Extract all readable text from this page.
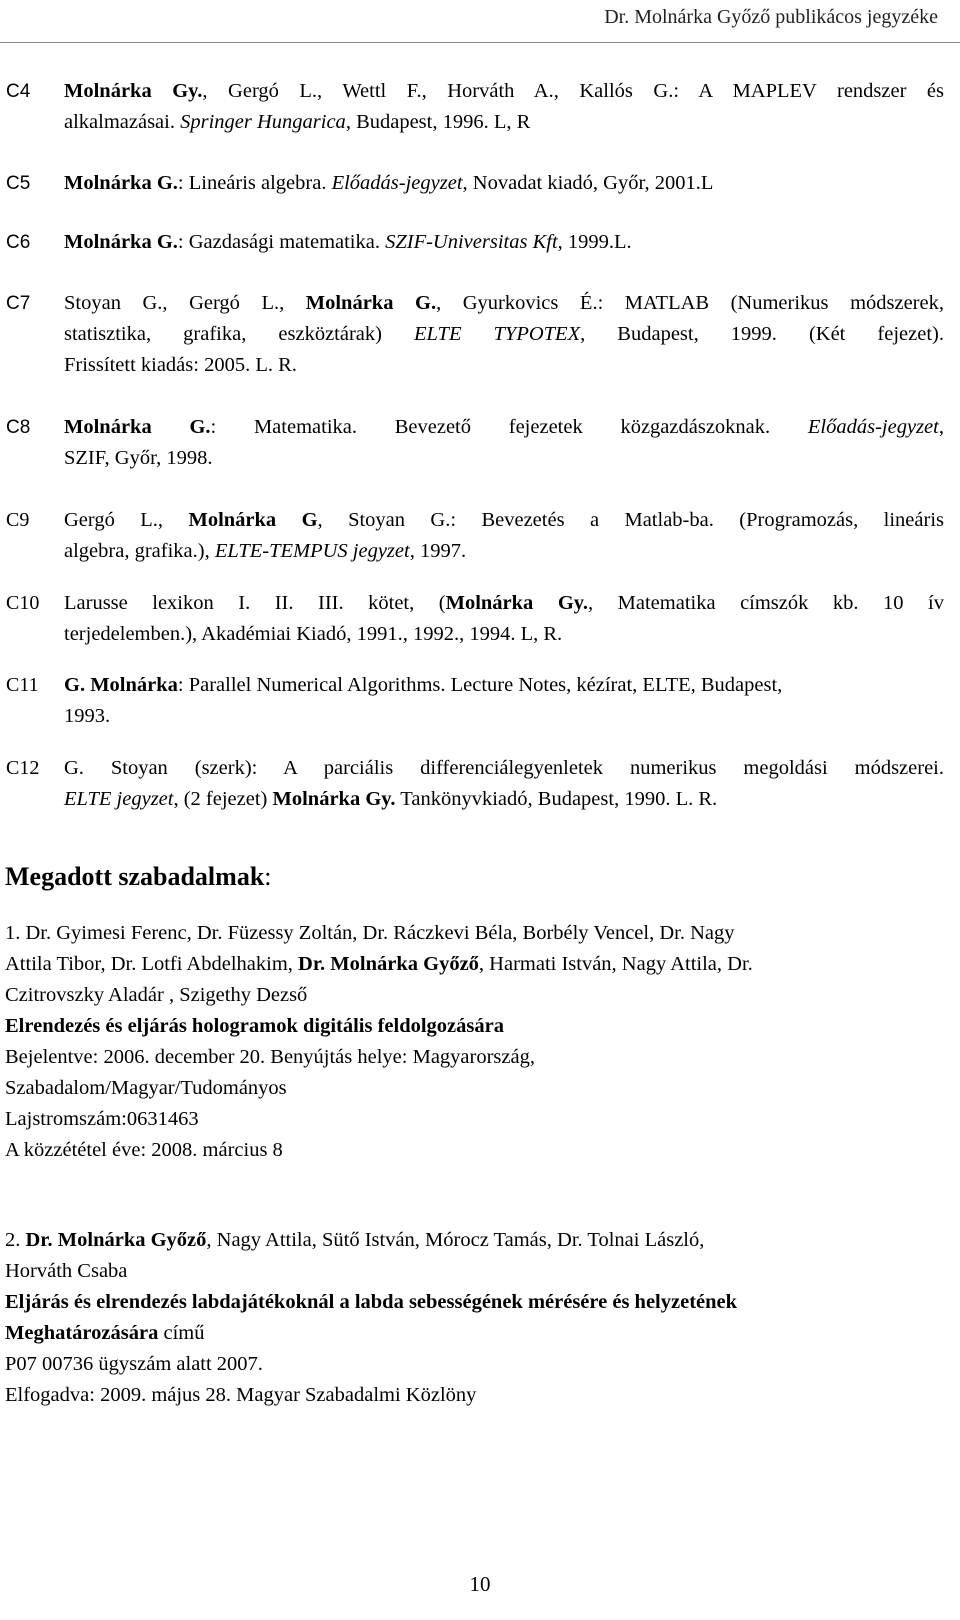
Dr. Molnárka Győző publikácos jegyzéke
C4 Molnárka Gy., Gergó L., Wettl F., Horváth A., Kallós G.: A MAPLEV rendszer és
alkalmazásai. Springer Hungarica, Budapest, 1996. L, R
C5 Molnárka G.: Lineáris algebra. Előadás-jegyzet, Novadat kiadó, Győr, 2001.L
C6 Molnárka G.: Gazdasági matematika. SZIF-Universitas Kft, 1999.L.
C7 Stoyan G., Gergó L., Molnárka G., Gyurkovics É.: MATLAB (Numerikus módszerek,
statisztika, grafika, eszköztárak) ELTE TYPOTEX, Budapest, 1999. (Két fejezet).
Frissített kiadás: 2005. L. R.
C8 Molnárka G.: Matematika. Bevezető fejezetek közgazdászoknak. Előadás-jegyzet,
SZIF, Győr, 1998.
C9 Gergó L., Molnárka G, Stoyan G.: Bevezetés a Matlab-ba. (Programozás, lineáris
algebra, grafika.), ELTE-TEMPUS jegyzet, 1997.
C10 Larusse lexikon I. II. III. kötet, (Molnárka Gy., Matematika címszók kb. 10 ív
terjedelemben.), Akadémiai Kiadó, 1991., 1992., 1994. L, R.
C11 G. Molnárka: Parallel Numerical Algorithms. Lecture Notes, kézírat, ELTE, Budapest,
1993.
C12 G. Stoyan (szerk): A parciális differenciálegyenletek numerikus megoldási módszerei.
ELTE jegyzet, (2 fejezet) Molnárka Gy. Tankönyvkiadó, Budapest, 1990. L. R.
Megadott szabadalmak:
1. Dr. Gyimesi Ferenc, Dr. Füzessy Zoltán, Dr. Ráczkevi Béla, Borbély Vencel, Dr. Nagy
Attila Tibor, Dr. Lotfi Abdelhakim, Dr. Molnárka Győző, Harmati István, Nagy Attila, Dr.
Czitrovszky Aladár , Szigethy Dezső
Elrendezés és eljárás hologramok digitális feldolgozására
Bejelentve: 2006. december 20. Benyújtás helye: Magyarország,
Szabadalom/Magyar/Tudományos
Lajstromszám:0631463
A közzététel éve: 2008. március 8
2. Dr. Molnárka Győző, Nagy Attila, Sütő István, Mórocz Tamás, Dr. Tolnai László,
Horváth Csaba
Eljárás és elrendezés labdajátékoknál a labda sebességének mérésére és helyzetének
Meghatározására című
P07 00736 ügyszám alatt 2007.
Elfogadva: 2009. május 28. Magyar Szabadalmi Közlöny
10
